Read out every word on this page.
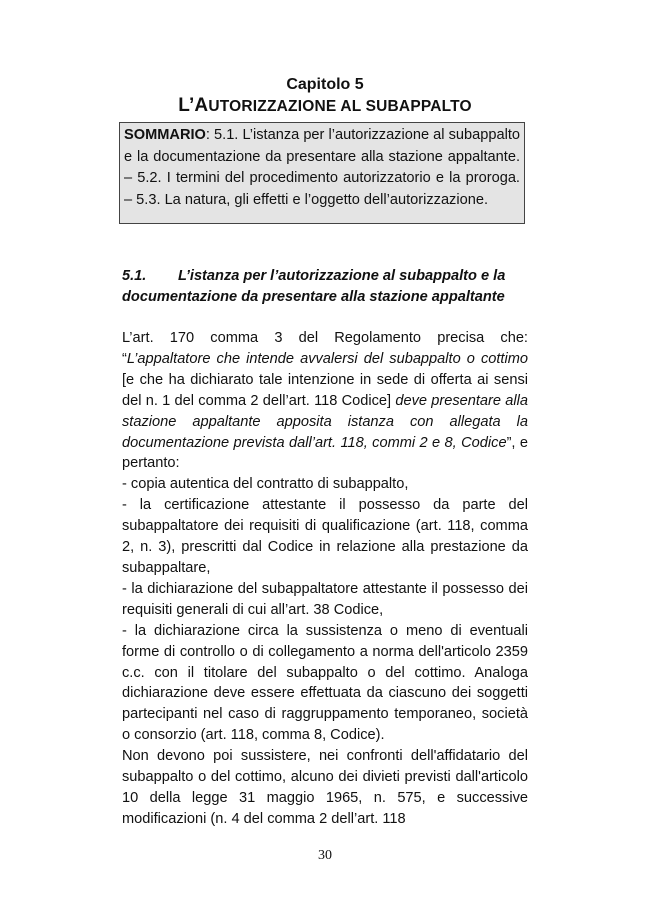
Capitolo 5
L’AUTORIZZAZIONE AL SUBAPPALTO
SOMMARIO: 5.1. L’istanza per l’autorizzazione al subappalto e la documentazione da presentare alla stazione appaltante. – 5.2. I termini del procedimento autorizzatorio e la proroga. – 5.3. La natura, gli effetti e l’oggetto dell’autorizzazione.
5.1. L’istanza per l’autorizzazione al subappalto e la documentazione da presentare alla stazione appaltante

L’art. 170 comma 3 del Regolamento precisa che: “L’appaltatore che intende avvalersi del subappalto o cottimo [e che ha dichiarato tale intenzione in sede di offerta ai sensi del n. 1 del comma 2 dell’art. 118 Codice] deve presentare alla stazione appaltante apposita istanza con allegata la documentazione prevista dall’art. 118, commi 2 e 8, Codice”, e pertanto:

- copia autentica del contratto di subappalto,

- la certificazione attestante il possesso da parte del subappaltatore dei requisiti di qualificazione (art. 118, comma 2, n. 3), prescritti dal Codice in relazione alla prestazione da subappaltare,

- la dichiarazione del subappaltatore attestante il possesso dei requisiti generali di cui all’art. 38 Codice,

- la dichiarazione circa la sussistenza o meno di eventuali forme di controllo o di collegamento a norma dell'articolo 2359 c.c. con il titolare del subappalto o del cottimo. Analoga dichiarazione deve essere effettuata da ciascuno dei soggetti partecipanti nel caso di raggruppamento temporaneo, società o consorzio (art. 118, comma 8, Codice).

Non devono poi sussistere, nei confronti dell'affidatario del subappalto o del cottimo, alcuno dei divieti previsti dall'articolo 10 della legge 31 maggio 1965, n. 575, e successive modificazioni (n. 4 del comma 2 dell’art. 118

30
